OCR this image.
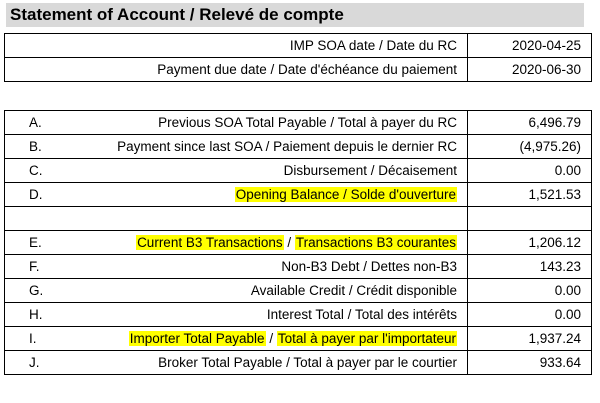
Statement of Account / Relevé de compte
IMP SOA date / Date du RC	2020-04-25
Payment due date / Date d'échéance du paiement	2020-06-30
A.	Previous SOA Total Payable / Total à payer du RC	6,496.79
B.	Payment since last SOA / Paiement depuis le dernier RC	(4,975.26)
C.	Disbursement / Décaisement	0.00
D.	Opening Balance / Solde d'ouverture	1,521.53

E.	Current B3 Transactions / Transactions B3 courantes	1,206.12
F.	Non-B3 Debt / Dettes non-B3	143.23
G.	Available Credit / Crédit disponible	0.00
H.	Interest Total / Total des intérêts	0.00
I.	Importer Total Payable / Total à payer par l'importateur	1,937.24
J.	Broker Total Payable / Total à payer par le courtier	933.64
